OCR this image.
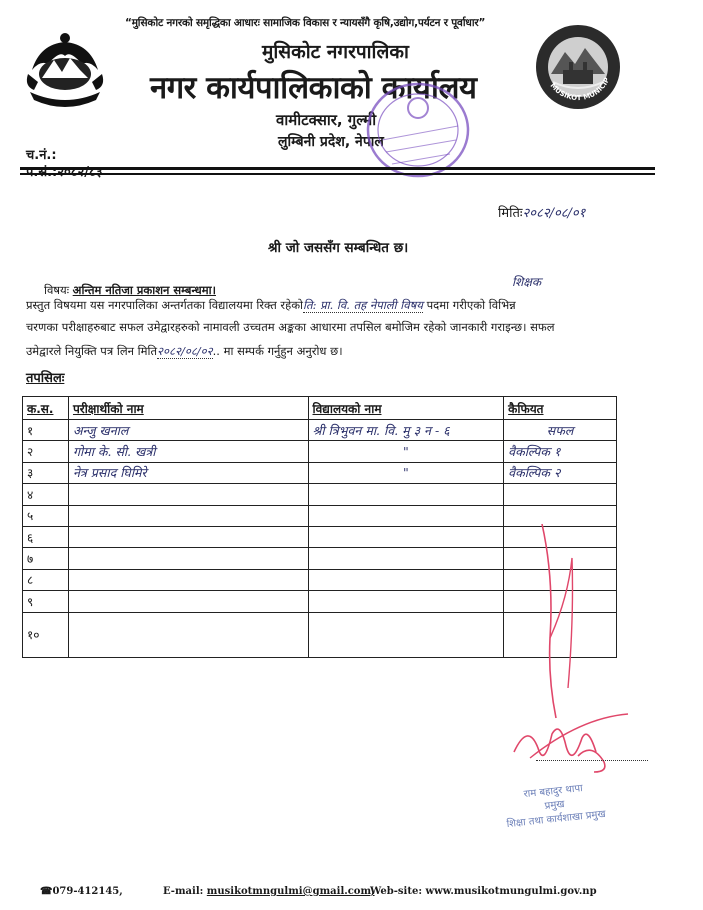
MUSIKOT MUNICIP
“मुसिकोट नगरको समृद्धिका आधारः सामाजिक विकास र न्यायसँगै कृषि,उद्योग,पर्यटन र पूर्वाधार”
मुसिकोट नगरपालिका
नगर कार्यपालिकाको कार्यालय
वामीटक्सार, गुल्मी
लुम्बिनी प्रदेश, नेपाल
च.नं.:
मितिः२०८२/०८/०१
श्री जो जससँग सम्बन्धित छ।
विषयः अन्तिम नतिजा प्रकाशन सम्बन्धमा।
शिक्षक
प्रस्तुत विषयमा यस नगरपालिका अन्तर्गतका विद्यालयमा रिक्त रहेकोति: प्रा. वि. तह नेपाली विषय पदमा गरीएको विभिन्न
चरणका परीक्षाहरुबाट सफल उमेद्वारहरुको नामावली उच्चतम अङ्कका आधारमा तपसिल बमोजिम रहेको जानकारी गराइन्छ। सफल
उमेद्वारले नियुक्ति पत्र लिन मिति२०८२/०८/०२.. मा सम्पर्क गर्नुहुन अनुरोध छ।
तपसिलः
क.स.	परीक्षार्थीको नाम	विद्यालयको नाम	कैफियत
१	अन्जु खनाल	श्री त्रिभुवन मा. वि. मु ३ न - ६	सफल
२	गोमा के. सी. खत्री	"	वैकल्पिक १
३	नेत्र प्रसाद घिमिरे	"	वैकल्पिक २
४			
५			
६			
७			
८			
९			
१०			
राम बहादुर थापा
प्रमुख
शिक्षा तथा कार्यशाखा प्रमुख
☎079-412145,	E-mail: musikotmngulmi@gmail.com,
Web-site: www.musikotmungulmi.gov.np
